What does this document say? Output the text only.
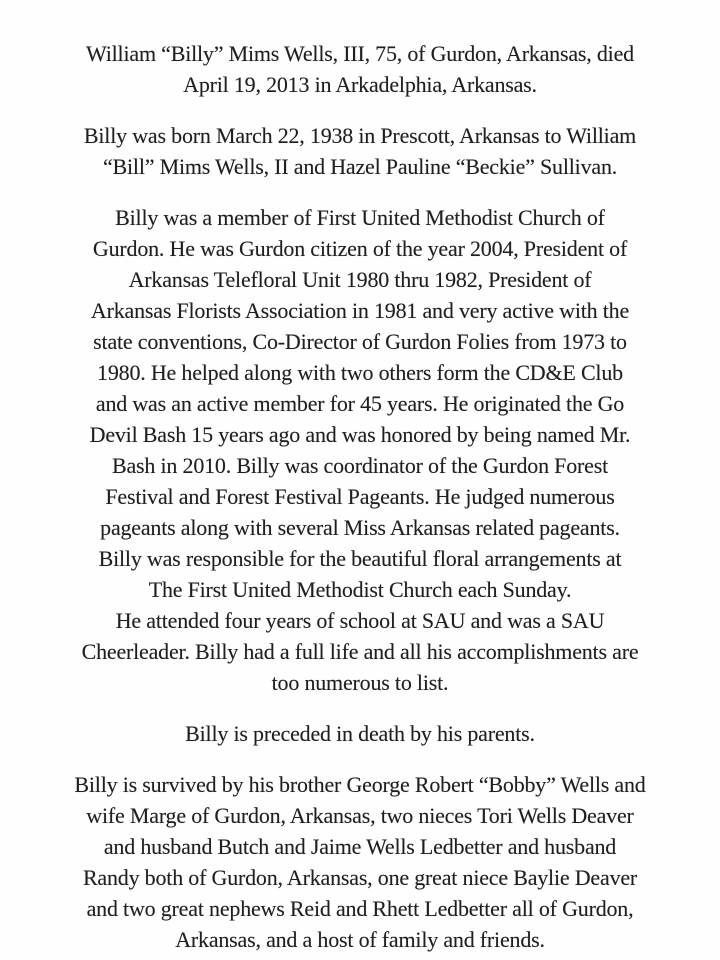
William “Billy” Mims Wells, III, 75, of Gurdon, Arkansas, died
April 19, 2013 in Arkadelphia, Arkansas.

Billy was born March 22, 1938 in Prescott, Arkansas to William
“Bill” Mims Wells, II and Hazel Pauline “Beckie” Sullivan.

Billy was a member of First United Methodist Church of
Gurdon. He was Gurdon citizen of the year 2004, President of
Arkansas Telefloral Unit 1980 thru 1982, President of
Arkansas Florists Association in 1981 and very active with the
state conventions, Co-Director of Gurdon Folies from 1973 to
1980. He helped along with two others form the CD&E Club
and was an active member for 45 years. He originated the Go
Devil Bash 15 years ago and was honored by being named Mr.
Bash in 2010. Billy was coordinator of the Gurdon Forest
Festival and Forest Festival Pageants. He judged numerous
pageants along with several Miss Arkansas related pageants.
Billy was responsible for the beautiful floral arrangements at
The First United Methodist Church each Sunday.
He attended four years of school at SAU and was a SAU
Cheerleader. Billy had a full life and all his accomplishments are
too numerous to list.

Billy is preceded in death by his parents.

Billy is survived by his brother George Robert “Bobby” Wells and
wife Marge of Gurdon, Arkansas, two nieces Tori Wells Deaver
and husband Butch and Jaime Wells Ledbetter and husband
Randy both of Gurdon, Arkansas, one great niece Baylie Deaver
and two great nephews Reid and Rhett Ledbetter all of Gurdon,
Arkansas, and a host of family and friends.
